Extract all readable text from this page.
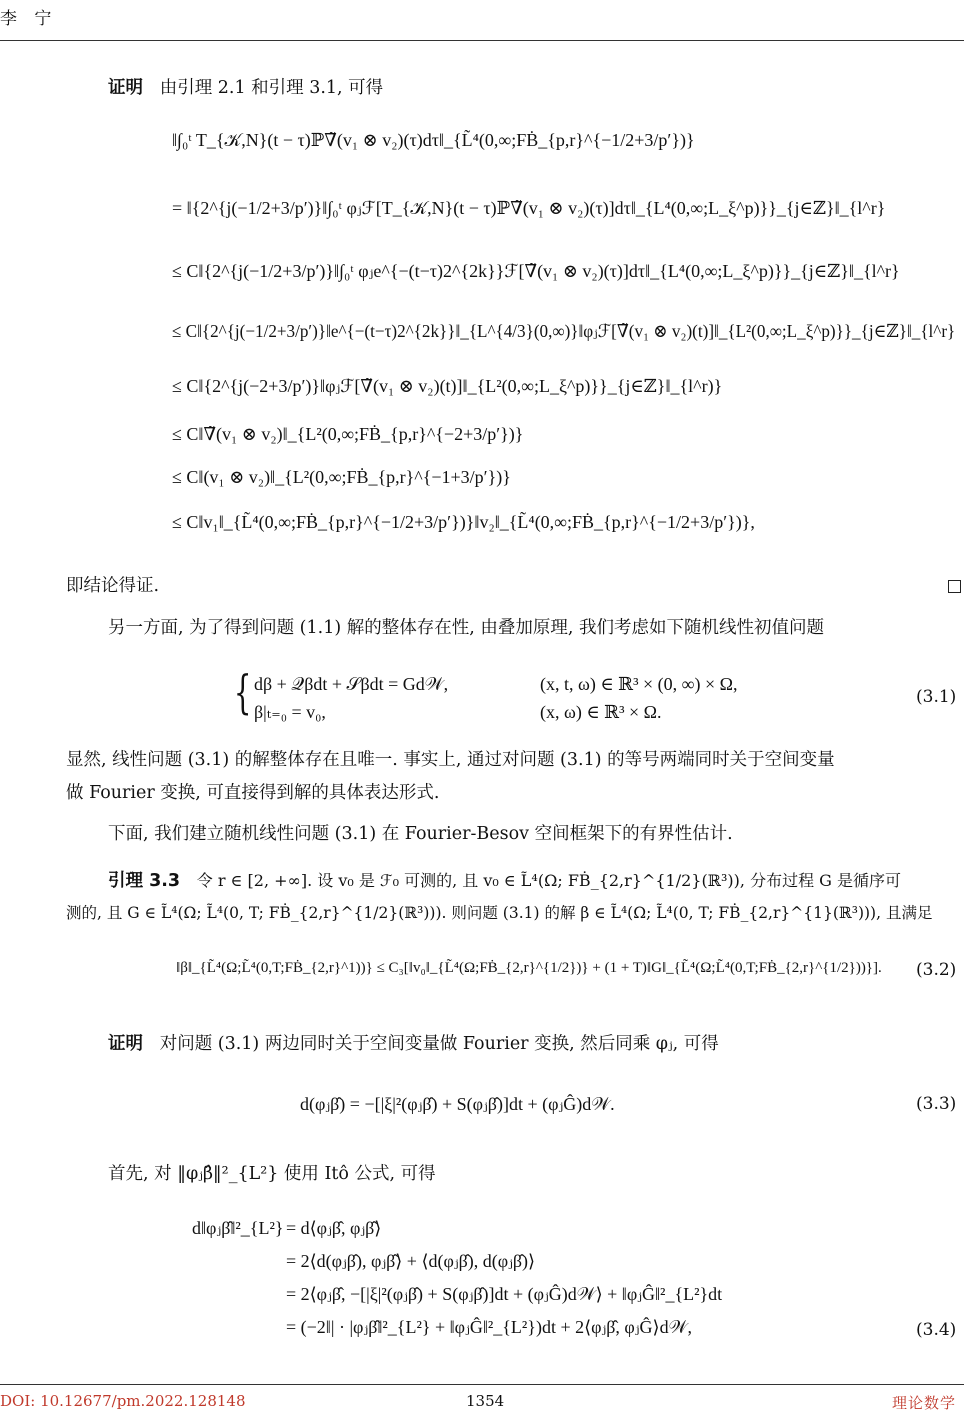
李 宁
证明 由引理 2.1 和引理 3.1, 可得
‖∫₀ᵗ T_{𝒦,N}(t − τ)ℙ∇̃(v₁ ⊗ v₂)(τ)dτ‖_{L̃⁴(0,∞;FḂ_{p,r}^{−1/2+3/p′})}
= ‖{2^{j(−1/2+3/p′)}‖∫₀ᵗ φⱼℱ[T_{𝒦,N}(t − τ)ℙ∇̃(v₁ ⊗ v₂)(τ)]dτ‖_{L⁴(0,∞;L_ξ^p)}}_{j∈ℤ}‖_{l^r}
≤ C‖{2^{j(−1/2+3/p′)}‖∫₀ᵗ φⱼe^{−(t−τ)2^{2k}}ℱ[∇̃(v₁ ⊗ v₂)(τ)]dτ‖_{L⁴(0,∞;L_ξ^p)}}_{j∈ℤ}‖_{l^r}
≤ C‖{2^{j(−1/2+3/p′)}‖e^{−(t−τ)2^{2k}}‖_{L^{4/3}(0,∞)}‖φⱼℱ[∇̃(v₁ ⊗ v₂)(t)]‖_{L²(0,∞;L_ξ^p)}}_{j∈ℤ}‖_{l^r}
≤ C‖{2^{j(−2+3/p′)}‖φⱼℱ[∇̃(v₁ ⊗ v₂)(t)]‖_{L²(0,∞;L_ξ^p)}}_{j∈ℤ}‖_{l^r)}
≤ C‖∇̃(v₁ ⊗ v₂)‖_{L²(0,∞;FḂ_{p,r}^{−2+3/p′})}
≤ C‖(v₁ ⊗ v₂)‖_{L²(0,∞;FḂ_{p,r}^{−1+3/p′})}
≤ C‖v₁‖_{L̃⁴(0,∞;FḂ_{p,r}^{−1/2+3/p′})}‖v₂‖_{L̃⁴(0,∞;FḂ_{p,r}^{−1/2+3/p′})},
即结论得证.
另一方面, 为了得到问题 (1.1) 解的整体存在性, 由叠加原理, 我们考虑如下随机线性初值问题
{ dβ + 𝒬βdt + 𝒮βdt = Gd𝒲,	(x, t, ω) ∈ ℝ³ × (0, ∞) × Ω,
β|ₜ₌₀ = v₀,	(x, ω) ∈ ℝ³ × Ω.
(3.1)
显然, 线性问题 (3.1) 的解整体存在且唯一. 事实上, 通过对问题 (3.1) 的等号两端同时关于空间变量
做 Fourier 变换, 可直接得到解的具体表达形式.
下面, 我们建立随机线性问题 (3.1) 在 Fourier-Besov 空间框架下的有界性估计.
引理 3.3 令 r ∈ [2, +∞]. 设 v₀ 是 ℱ₀ 可测的, 且 v₀ ∈ L̃⁴(Ω; FḂ_{2,r}^{1/2}(ℝ³)), 分布过程 G 是循序可
测的, 且 G ∈ L̃⁴(Ω; L̃⁴(0, T; FḂ_{2,r}^{1/2}(ℝ³))). 则问题 (3.1) 的解 β ∈ L̃⁴(Ω; L̃⁴(0, T; FḂ_{2,r}^{1}(ℝ³))), 且满足
‖β‖_{L̃⁴(Ω;L̃⁴(0,T;FḂ_{2,r}^1))} ≤ C₃[‖v₀‖_{L̃⁴(Ω;FḂ_{2,r}^{1/2})} + (1 + T)‖G‖_{L̃⁴(Ω;L̃⁴(0,T;FḂ_{2,r}^{1/2}))}]. (3.2)
证明 对问题 (3.1) 两边同时关于空间变量做 Fourier 变换, 然后同乘 φⱼ, 可得
d(φⱼβ̂) = −[|ξ|²(φⱼβ̂) + S(φⱼβ̂)]dt + (φⱼĜ)d𝒲.	(3.3)
首先, 对 ‖φⱼβ̂‖²_{L²} 使用 Itô 公式, 可得
d‖φⱼβ̂‖²_{L²} = d⟨φⱼβ̂, φⱼβ̂⟩
= 2⟨d(φⱼβ̂), φⱼβ̂⟩ + ⟨d(φⱼβ̂), d(φⱼβ̂)⟩
= 2⟨φⱼβ̂, −[|ξ|²(φⱼβ̂) + S(φⱼβ̂)]dt + (φⱼĜ)d𝒲⟩ + ‖φⱼĜ‖²_{L²}dt
= (−2‖| · |φⱼβ̂‖²_{L²} + ‖φⱼĜ‖²_{L²})dt + 2⟨φⱼβ̂, φⱼĜ⟩d𝒲,	(3.4)
DOI: 10.12677/pm.2022.128148	1354	理论数学
